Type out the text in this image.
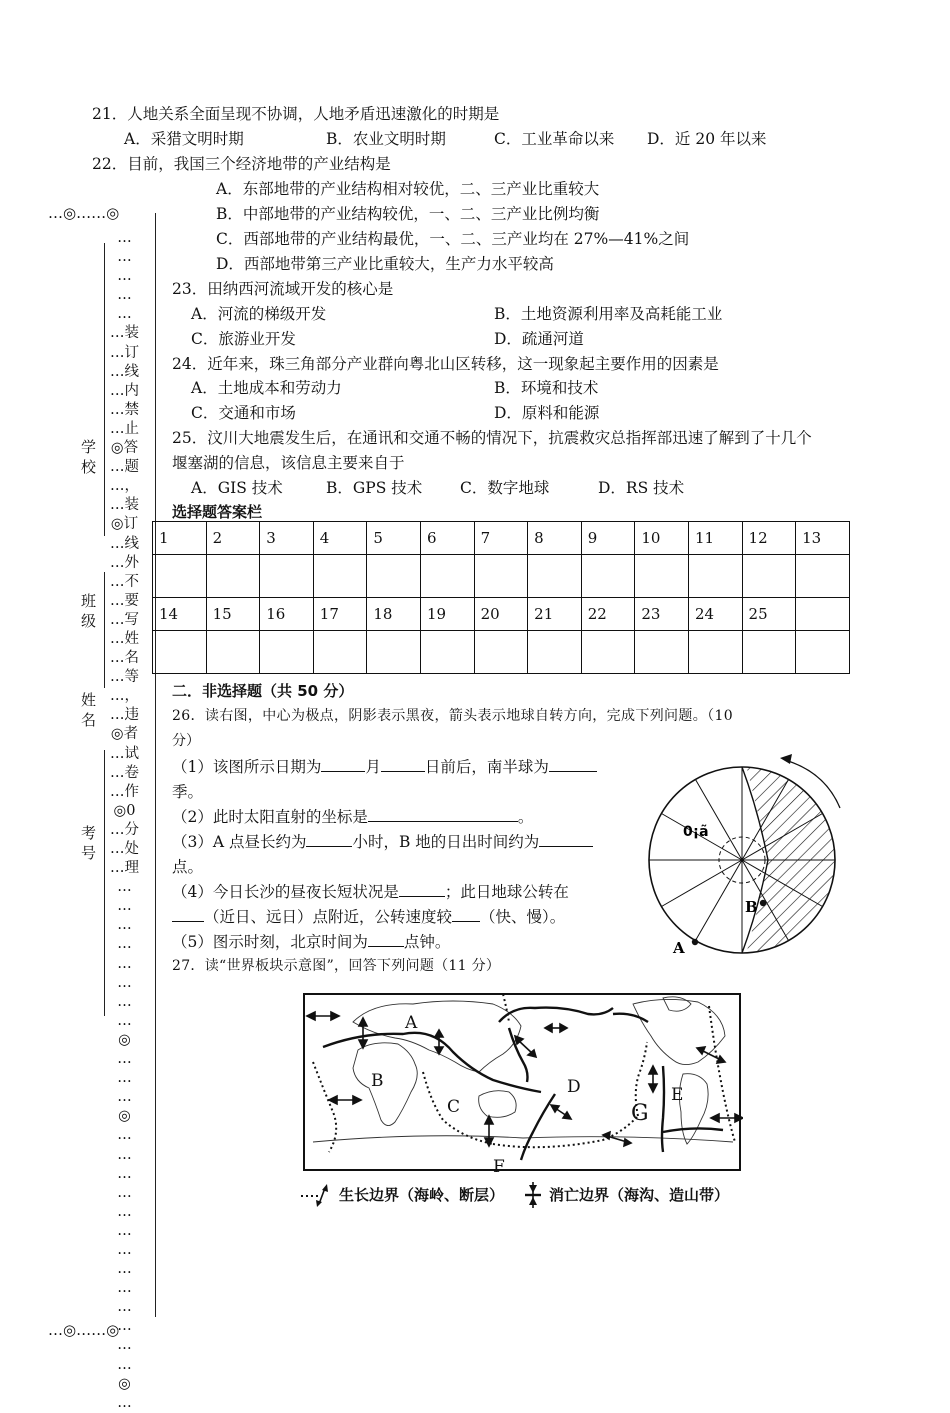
…◎……◎
…
…
…
…
…
…装
…订
…线
…内
…禁
…止
◎答
…题
…，
…装
◎订
…线
…外
…不
…要
…写
…姓
…名
…等
…，
…违
◎者
…试
…卷
…作
◎0
…分
…处
…理
…
…
…
…
…
…
…
…
◎
…
…
…
◎
…
…
…
…
…
…
…
…
…
…
…
…
…
◎
…
…◎……◎
学校
班级
姓名
考号
21．人地关系全面呈现不协调，人地矛盾迅速激化的时期是
A．采猎文明时期	B．农业文明时期	C．工业革命以来 D．近 20 年以来
22．目前，我国三个经济地带的产业结构是
A．东部地带的产业结构相对较优，二、三产业比重较大
B．中部地带的产业结构较优，一、二、三产业比例均衡
C．西部地带的产业结构最优，一、二、三产业均在 27%—41%之间
D．西部地带第三产业比重较大，生产力水平较高
23．田纳西河流域开发的核心是
A．河流的梯级开发	B．土地资源利用率及高耗能工业
C．旅游业开发	D．疏通河道
24．近年来，珠三角部分产业群向粤北山区转移，这一现象起主要作用的因素是
A．土地成本和劳动力	B．环境和技术
C．交通和市场	D．原料和能源
25．汶川大地震发生后，在通讯和交通不畅的情况下，抗震救灾总指挥部迅速了解到了十几个
堰塞湖的信息，该信息主要来自于
A．GIS 技术	B．GPS 技术 C．数字地球	D．RS 技术
选择题答案栏
1	2	3	4	5	6	7	8	9	10	11	12	13

14	15	16	17	18	19	20	21	22	23	24	25	

二．非选择题（共 50 分）
26．读右图，中心为极点，阴影表示黑夜，箭头表示地球自转方向，完成下列问题。（10
分）
（1）该图所示日期为	月	日前后，南半球为
季。
（2）此时太阳直射的坐标是	。
（3）A 点昼长约为	小时，B 地的日出时间约为
点。
（4）今日长沙的昼夜长短状况是	；此日地球公转在
（近日、远日）点附近，公转速度较 （快、慢）。
（5）图示时刻，北京时间为 点钟。
27．读“世界板块示意图”，回答下列问题（11 分）
0¡ã
A
B
A
B
C
D	E
F
G
生长边界（海岭、断层）	消亡边界（海沟、造山带）
